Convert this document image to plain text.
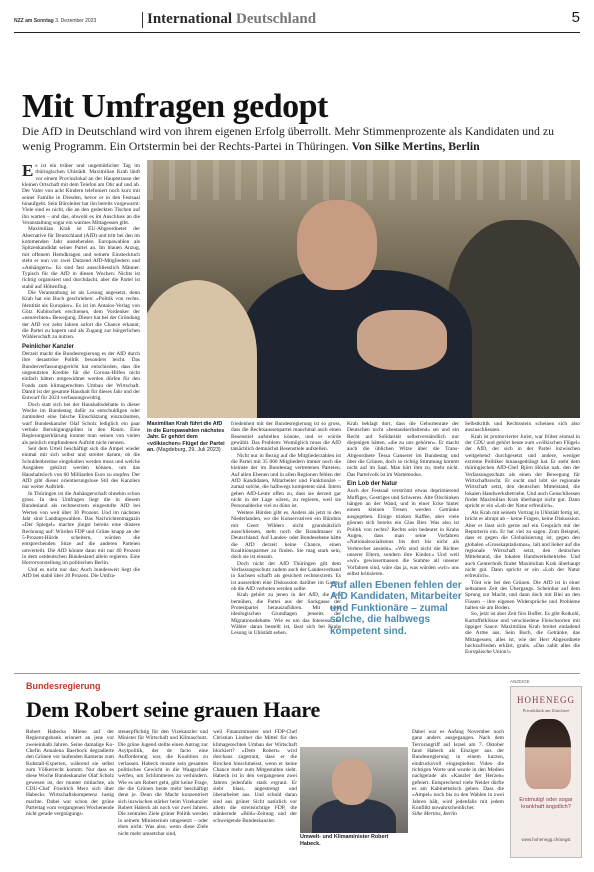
NZZ am Sonntag 3. Dezember 2023	International Deutschland	5
Mit Umfragen gedopt
Die AfD in Deutschland wird von ihrem eigenen Erfolg überrollt. Mehr Stimmenprozente als Kandidaten und zu wenig Programm. Ein Ortstermin bei der Rechts-Partei in Thüringen. Von Silke Mertins, Berlin

Es ist ein trüber und ungemütlicher Tag im thüringischen Uhlstädt. Maximilian Krah läuft vor einem Provinzlokal an der Hauptstrasse der kleinen Ortschaft mit dem Telefon am Ohr auf und ab. Der Vater von acht Kindern telefoniert noch kurz mit seiner Familie in Dresden, bevor er in den Festsaal hinaufgeht. Sein Büroleiter hat ihn bereits vorgewarnt: Viele sind es nicht, die an den gedeckten Tischen auf ihn warten – und das, obwohl es im Anschluss an die Veranstaltung sogar ein warmes Mittagessen gibt.

Maximilian Krah ist EU-Abgeordneter der Alternative für Deutschland (AfD) und tritt bei den im kommenden Jahr anstehenden Europawahlen als Spitzenkandidat seiner Partei an. Im blauen Anzug, mit offenem Hemdkragen und seinem Einstecktuch steht er nun vor zwei Dutzend AfD-Mitgliedern und «Anhängern». Es sind fast ausschliesslich Männer. Typisch für die AfD in diesen Wochen: Nichts ist richtig organisiert und durchdacht, aber die Partei ist stabil auf Höhenflug.

Die Veranstaltung ist als Lesung angesetzt, denn Krah hat ein Buch geschrieben: «Politik von rechts. Identität als Europäer». Es ist im Antaios-Verlag von Götz Kubitschek erschienen, dem Vordenker der «neurechten» Bewegung. Dieser hat bei der Gründung der AfD vor zehn Jahren sofort die Chance erkannt, die Partei zu kapern und als Zugang zur bürgerlichen Wählerschaft zu nutzen.

Peinlicher Kanzler

Derzeit macht die Bundesregierung es der AfD durch ihre desaströse Politik besonders leicht. Das Bundesverfassungsgericht hat entschieden, dass die ungenutzten Kredite für die Corona-Hilfen nicht einfach hätten umgewidmet werden dürfen für den Fonds zum klimagerechten Umbau der Wirtschaft. Damit ist der gesamte Haushalt für dieses Jahr und der Entwurf für 2024 verfassungswidrig.

Doch statt sich bei der Haushaltsdebatte in dieser Woche im Bundestag dafür zu entschuldigen oder zumindest eine falsche Einschätzung einzuräumen, warf Bundeskanzler Olaf Scholz lediglich ein paar verbale Beruhigungspillen in den Raum. Eine Regierungserklärung konnte man seinen von vielen als peinlich empfundenen Auftritt nicht nennen.

Seit dem Urteil beschäftigt sich die Ampel wieder einmal mit sich selbst und streitet darum, ob die Schuldenbremse eingehalten werden muss und welche Ausgaben gekürzt werden können, um das Haushaltsloch von 60 Milliarden Euro zu stopfen. Der AfD gibt dieser orientierungslose Stil des Kanzlers nur weiter Auftrieb.

In Thüringen ist die Anhängerschaft ohnehin schon gross. In den Umfragen liegt die in diesem Bundesland als rechtsextrem eingestufte AfD bei Werten von weit über 30 Prozent. Und im nächsten Jahr sind Landtagswahlen. Das Nachrichtenmagazin «Der Spiegel» machte jüngst bereits eine düstere Rechnung auf: Würden FDP und Grüne knapp an der 5-Prozent-Hürde scheitern, würden die entsprechenden Sitze auf die anderen Parteien umverteilt. Die AfD könnte dann mit nur 40 Prozent in dem ostdeutschen Bundesland allein regieren. Eine Horrorvorstellung im politischen Berlin.

Und es nicht nur das: Auch bundesweit liegt die AfD bei stabil über 20 Prozent. Die Umfra-

Maximilian Krah führt die AfD in die Europawahlen nächstes Jahr. Er gehört dem «völkischen» Flügel der Partei an. (Magdeburg, 29. Juli 2023)

friedenheit mit der Bundesregierung ist so gross, dass die Rechtsaussenpartei manchmal auch einen Besenstiel aufstellen könnte, und er würde gewählt. Das Problem: Womöglich muss die AfD tatsächlich demnächst Besenstiele aufstellen.

Nicht nur in Bezug auf die Mitgliederzahlen ist die Partei mit 35 000 Mitgliedern immer noch die kleinste der im Bundestag vertretenen Parteien. Auf allen Ebenen und in allen Regionen fehlen der AfD Kandidaten, Mitarbeiter und Funktionäre – zumal solche, die halbwegs kompetent sind. Intern geben AfD-Leute offen zu, dass sie derzeit gar nicht in der Lage wären, zu regieren, weil sie Personaldecke viel zu dünn ist.

Weitere Hürden gibt es. Anders als jetzt in den Niederlanden, wo die Konservativen ein Bündnis mit Geert Wilders nicht grundsätzlich ausschliessen, steht noch die Brandmauer in Deutschland. Auf Landes- oder Bundesebene hätte die AfD derzeit keine Chance, einen Koalitionspartner zu finden. Sie mag stark sein, doch sie ist einsam.

Doch nicht der AfD Thüringen gilt dem Verfassungsschutz zudem auch der Landesverband in Sachsen schafft als gesichert rechtsextrem. Es ist ausserdem eine Diskussion darüber im Gange, ob die AfD verboten werden sollte.

Krah gehört zu jenen in der AfD, die sich bemühen, die Partei aus der Sackgasse der Protestpartei herauszuführen. Mit mehr ideologischen Grundlagen jenseits der Migrationsdebatte. Wie es um das Interesse der Wähler daran bestellt ist, lässt sich bei Krahs Lesung in Uhlstädt sehen.

Krah beklagt dort, dass die Geburtenrate der Deutschen nicht «bestandserhaltend» sei und ein Recht auf Solidarität selbstverständlich nur diejenigen hätten, «die zu uns gehören». Er macht auch die üblichen Witze über die Trans-Abgeordnete Tessa Ganserer im Bundestag und über die Grünen, doch so richtig Stimmung kommt nicht auf im Saal. Man hört ihm zu, mehr nicht. Das Parteivolk ist im Wartemodus.

Ein Lob der Natur

Auch der Festsaal verströmt etwas deprimierend Muffiges, Gestriges und Schweres. Alte Ölschinken hängen an der Wand, und in einer Ecke hinter einem kleinen Tresen werden Getränke ausgegeben. Einige trinken Kaffee, aber viele gönnen sich bereits ein Glas Bier. Was also ist Politik von rechts? Rechts sein bedeutet in Krahs Augen, dass man seine Vorfahren «Nationalsozialismus bis dort bis nicht als Verbrecher ansieht». «Wir sind nicht die Richter unserer Eltern, sondern ihre Kinder.» Und weil «wir» gewissermassen die Summe all unserer Vorfahren sind, wäre das ja, was würden «wir» uns selbst kritisieren.

Auf allen Ebenen fehlen der AfD Kandidaten, Mitarbeiter und Funktionäre – zumal solche, die halbwegs kompetent sind.

Selbstkritik und Rechtsstein scheinen sich also auszuschliessen.

Krah ist promovierter Jurist, war früher einmal in der CDU und gehört heute zum «völkischen Flügel» der AfD, der sich in der Partei inzwischen weitgehend durchgesetzt und andere, weniger extreme Politiker hinausgedrängt hat. Er steht dem thüringischen AfD-Chef Björn Höcke nah, den der Verfassungsschutz als einen der Bewegung für Wirtschaftsrecht. Er sucht und lobt sie regionale Wirtschaft setzt, den deutschen Mittelstand, die lokalen Handwerksbetriebe. Und auch Genschliessen findet Maximilian Krah überhaupt nicht gut. Dann spricht er ein «Lob der Natur erfreulich».

Als Krah mit seinem Vortrag in Uhlstädt fertig ist, bricht er abrupt ab – keine Fragen, keine Diskussion. Aber er lässt sich gerne auf ein Gespräch mit der Reporterin ein. Er hat viel zu sagen. Zum Beispiel, dass er gegen die Globalisierung ist, gegen den globalen «Grosskapitalismus», lalt und lieber auf die regionale Wirtschaft setzt, den deutschen Mittelstand, die lokalen Handwerksbetriebe. Und auch Gentechnik findet Maximilian Krah überhaupt nicht gut. Dann spricht er ein «Lob der Natur erfreulich».

Tönt wie bei den Grünen. Die AfD ist in einer seltsamen Zeit des Übergangs. Scheinbar auf dem Sprung zur Macht, und dann doch mit Blei an den Füssen – ihre eigenen Widersprüche und Probleme halten sie am Boden.

So, jetzt ist aber Zeit fürs Buffet. Es gibt Rotkohl, Kartoffelklösse und verschiedene Fleischsorten mit üppiger Sauce. Maximilian Krah breitet einladend die Arme aus. Sein Buch, die Getränke, das Mittagessen, alles ist, wie der Herr Abgeordnete hochzufrieden erklärt, gratis. «Das zahlt alles die Europäische Union!»

Bundesregierung
Dem Robert seine grauen Haare

Robert Habecks Miene auf der Regierungsbank erinnert an jene vor zweieinhalb Jahren. Seine damalige Ko-Chefin Annalena Baerbock degradierte den Grünen vor laufenden Kameras zum Kuhstall-Experten, während sie selbst zum Völkerrecht kommt. Nur dass es diese Woche Bundeskanzler Olaf Scholz gewesen ist, der munter mitlachte, als CDU-Chef Friedrich Merz sich über Habecks Wirtschaftskompetenz lustig machte. Dabei war schon der grüne Parteitag vom vergangenen Wochenende nicht gerade vergnügungs-

steuerpflichtig für den Vizekanzler und Minister für Wirtschaft und Klimaschutz. Die grüne Jugend stellte einen Antrag zur Asylpolitik, der de facto eine Aufforderung war, die Koalition zu verlassen. Habeck musste sein gesamtes politisches Gewicht in die Waagschale werfen, um Schlimmeres zu verhindern. Wie es um Robert geht, gibt keine Frage, die die Grünen heute mehr beschäftigt denn je. Denn die Macht konzentriert sich inzwischen stärker beim Vizekanzler Robert Habeck als noch vor zwei Jahren. Die zentralen Ziele grüner Politik werden in seinem Ministerium umgesetzt – oder eben nicht. Was also, wenn diese Ziele nicht mehr umsetzbar sind,

weil Finanzminister und FDP-Chef Christian Lindner die Mittel für den klimagerechten Umbau der Wirtschaft blockiert? «Dem Robert» wird durchaus zugetraut, dass er die Brocken hinschmeisst, wenn er keine Chance mehr zum Mitgestalten sieht. Habeck ist in den vergangenen zwei Jahren jedenfalls stark ergraut. Er sieht blass, angestrengt und überarbeitet aus. Und schuld daran sind aus grüner Sicht natürlich vor allem die streitsüchtige FDP, die stänkernde «Bild»-Zeitung und der schweigende Bundeskanzler.

Umwelt- und Klimaminister Robert Habeck.

Dabei war es Anfang November noch ganz anders ausgegangen. Nach dem Terrorangriff auf Israel am 7. Oktober fand Habeck als Einziger aus der Bundesregierung in einem kurzen, eindrucksvoll eingespielten Video die richtigen Worte und wurde in den Medien nachgerade als «Kanzler der Herzen» gefeiert. Entsprechend viele Neider dürfte es am Kabinettstisch geben. Dass die «Ampel» noch bis zu den Wahlen in zwei Jahren hält, wird jedenfalls mit jedem Konflikt unwahrscheinlicher.

Silke Mertins, Berlin

ANZEIGE
HOHENEGG
Privatklinik am Zürichsee
Erstmutig! oder sogar krankhaft ängstlich?
www.hohenegg.ch/angst
